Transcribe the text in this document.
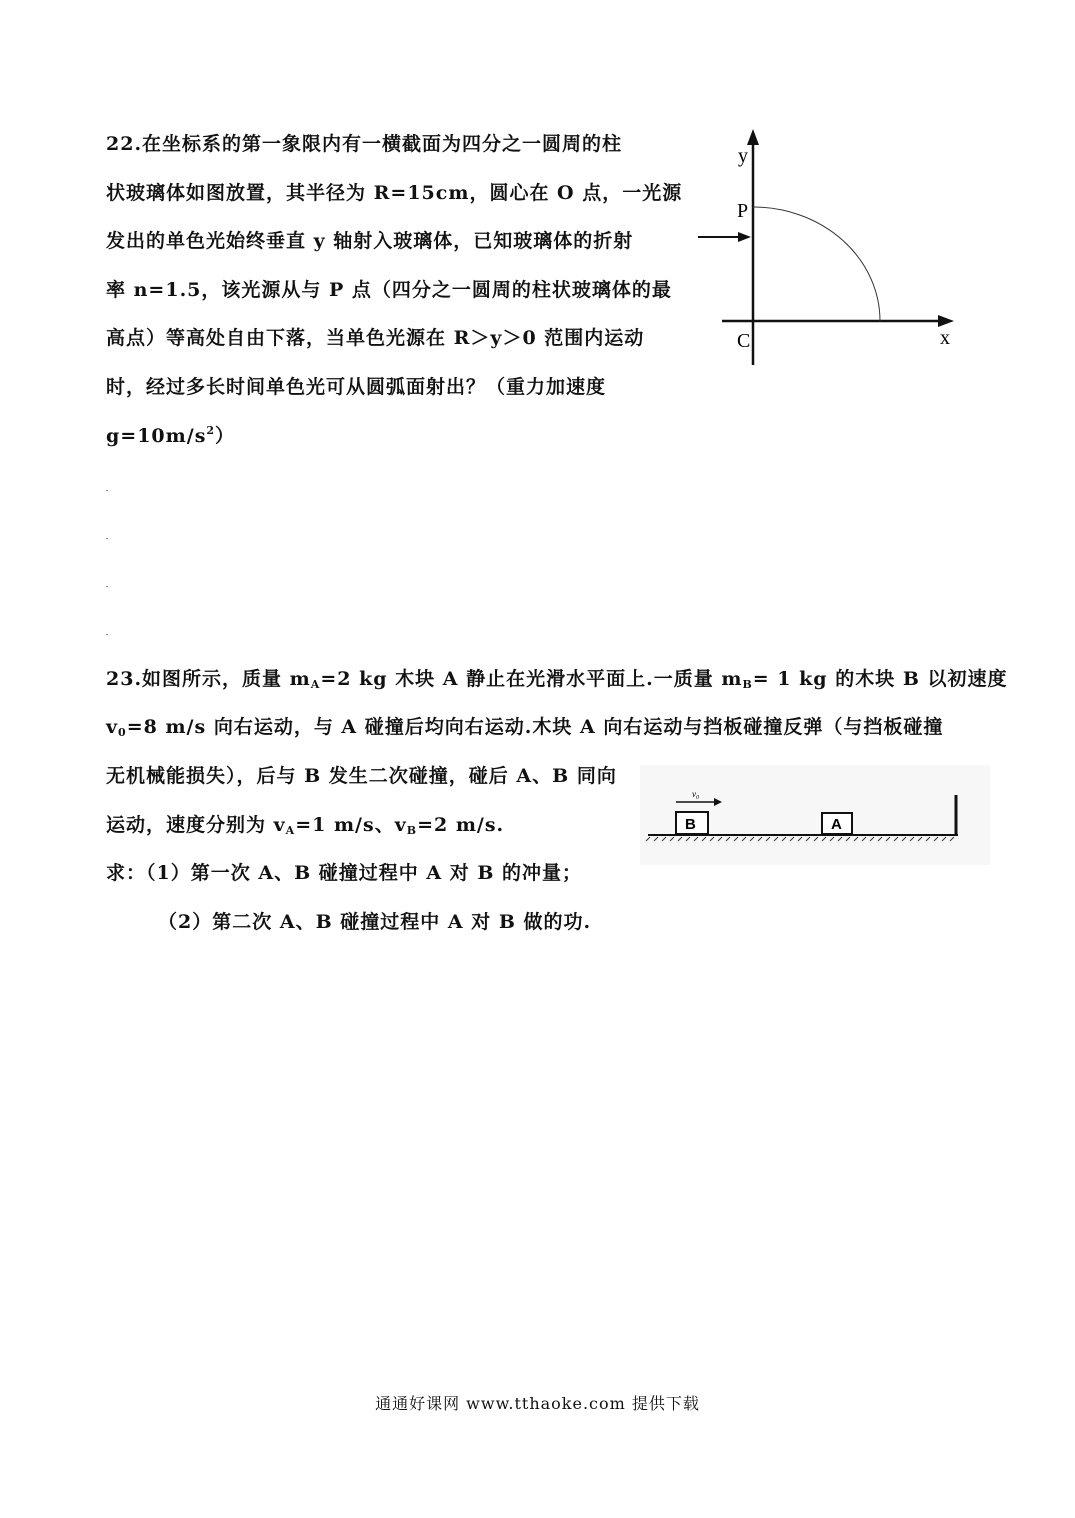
22.在坐标系的第一象限内有一横截面为四分之一圆周的柱
状玻璃体如图放置，其半径为 R=15cm，圆心在 O 点，一光源
发出的单色光始终垂直 y 轴射入玻璃体，已知玻璃体的折射
率 n=1.5，该光源从与 P 点（四分之一圆周的柱状玻璃体的最
高点）等高处自由下落，当单色光源在 R＞y＞0 范围内运动
时，经过多长时间单色光可从圆弧面射出？（重力加速度
$g=10m/s^2$）
y
P
C	x
23.如图所示，质量 $m_A=2$ kg 木块 A 静止在光滑水平面上.一质量 $m_B= 1$ kg 的木块 B 以初速度
$v_0=8$ m/s 向右运动，与 A 碰撞后均向右运动.木块 A 向右运动与挡板碰撞反弹（与挡板碰撞
无机械能损失），后与 B 发生二次碰撞，碰后 A、B 同向
运动，速度分别为 $v_A=1$ m/s、$v_B=2$ m/s.
求：（1）第一次 A、B 碰撞过程中 A 对 B 的冲量；
（2）第二次 A、B 碰撞过程中 A 对 B 做的功.
B
$v_0$
A
通通好课网 www.tthaoke.com 提供下载
